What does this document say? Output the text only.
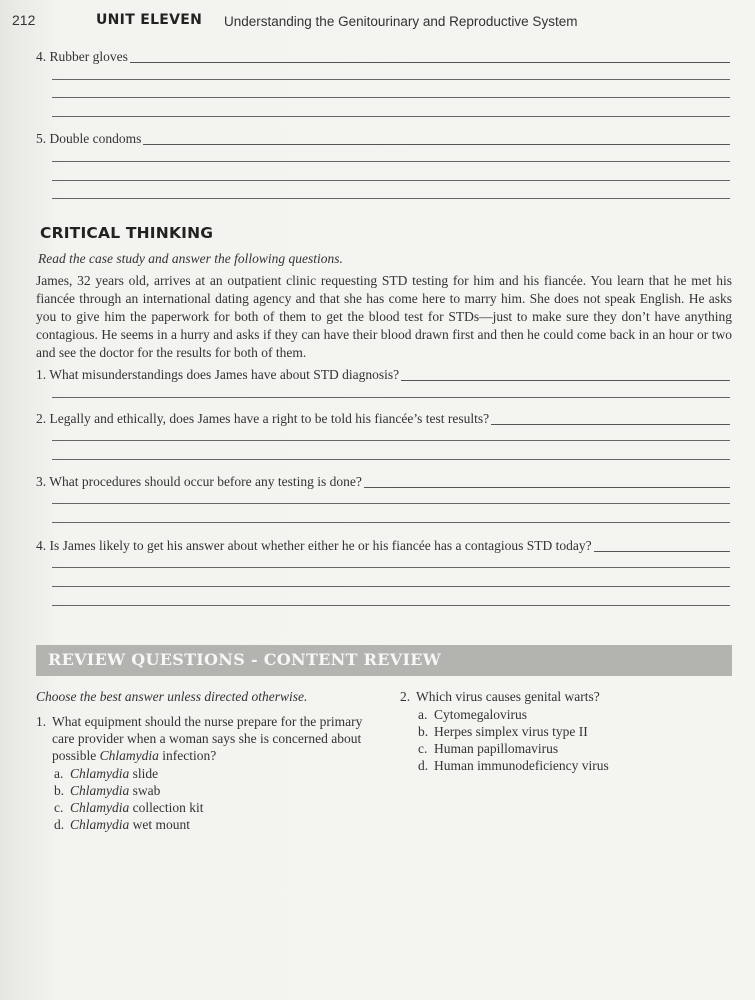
212	UNIT ELEVEN Understanding the Genitourinary and Reproductive System
4. Rubber gloves
5. Double condoms
CRITICAL THINKING
Read the case study and answer the following questions.
James, 32 years old, arrives at an outpatient clinic requesting STD testing for him and his fiancée. You learn that he met his fiancée through an international dating agency and that she has come here to marry him. She does not speak English. He asks you to give him the paperwork for both of them to get the blood test for STDs—just to make sure they don’t have anything contagious. He seems in a hurry and asks if they can have their blood drawn first and then he could come back in an hour or two and see the doctor for the results for both of them.
1. What misunderstandings does James have about STD diagnosis?
2. Legally and ethically, does James have a right to be told his fiancée’s test results?
3. What procedures should occur before any testing is done?
4. Is James likely to get his answer about whether either he or his fiancée has a contagious STD today?
REVIEW QUESTIONS - CONTENT REVIEW
Choose the best answer unless directed otherwise.
1. What equipment should the nurse prepare for the primary care provider when a woman says she is concerned about possible Chlamydia infection?
a. Chlamydia slide
b. Chlamydia swab
c. Chlamydia collection kit
d. Chlamydia wet mount
2. Which virus causes genital warts?
a. Cytomegalovirus
b. Herpes simplex virus type II
c. Human papillomavirus
d. Human immunodeficiency virus
